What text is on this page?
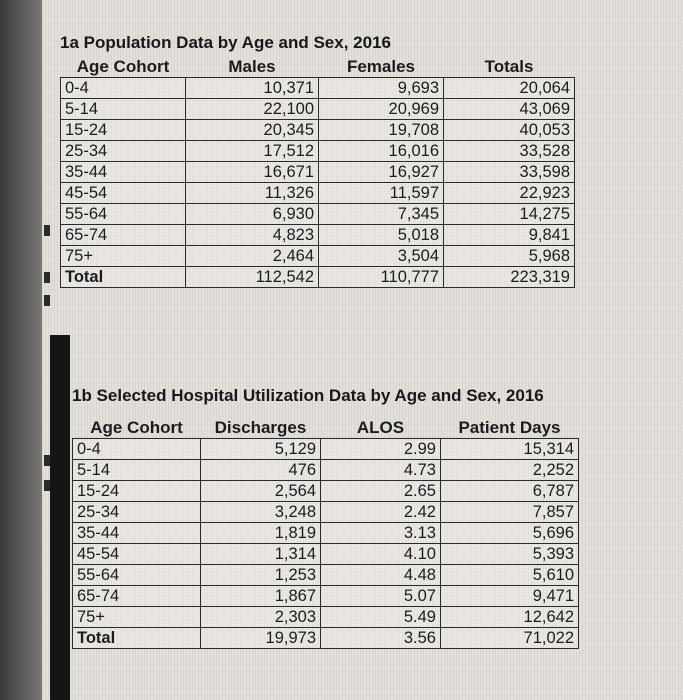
1a Population Data by Age and Sex, 2016
Age Cohort	Males	Females	Totals
0-4	10,371	9,693	20,064
5-14	22,100	20,969	43,069
15-24	20,345	19,708	40,053
25-34	17,512	16,016	33,528
35-44	16,671	16,927	33,598
45-54	11,326	11,597	22,923
55-64	6,930	7,345	14,275
65-74	4,823	5,018	9,841
75+	2,464	3,504	5,968
Total	112,542	110,777	223,319
1b Selected Hospital Utilization Data by Age and Sex, 2016
Age Cohort	Discharges	ALOS	Patient Days
0-4	5,129	2.99	15,314
5-14	476	4.73	2,252
15-24	2,564	2.65	6,787
25-34	3,248	2.42	7,857
35-44	1,819	3.13	5,696
45-54	1,314	4.10	5,393
55-64	1,253	4.48	5,610
65-74	1,867	5.07	9,471
75+	2,303	5.49	12,642
Total	19,973	3.56	71,022
